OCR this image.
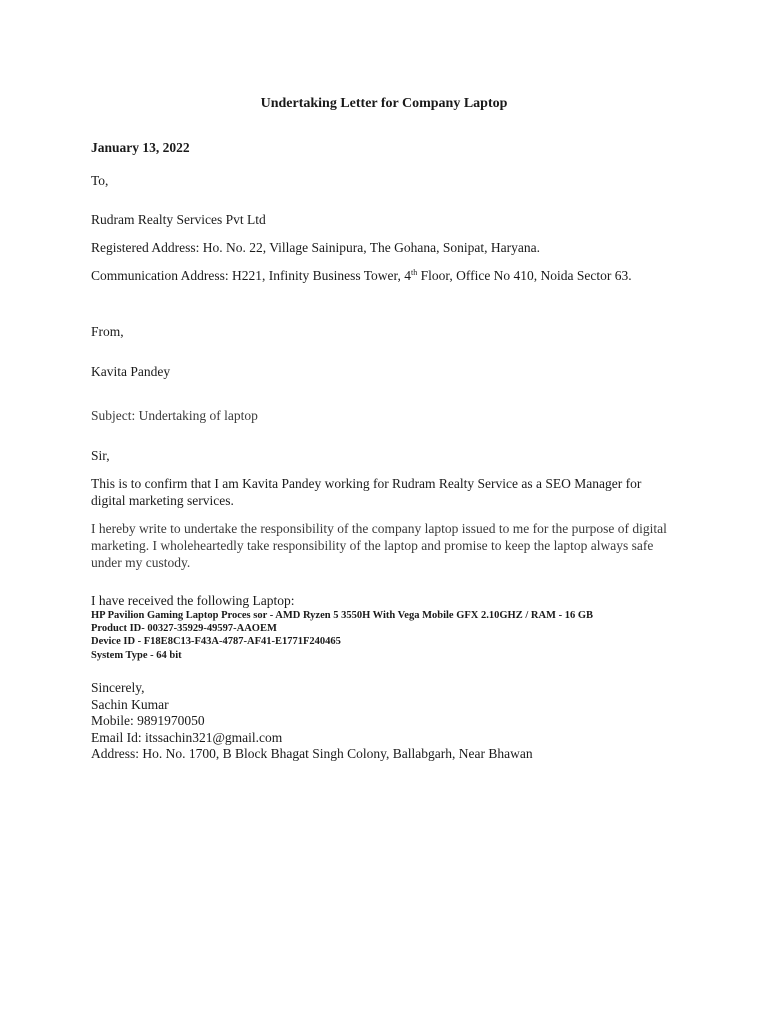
Undertaking Letter for Company Laptop
January 13, 2022
To,
Rudram Realty Services Pvt Ltd
Registered Address: Ho. No. 22, Village Sainipura, The Gohana, Sonipat, Haryana.
Communication Address: H221, Infinity Business Tower, 4th Floor, Office No 410, Noida Sector 63.
From,
Kavita Pandey
Subject: Undertaking of laptop
Sir,
This is to confirm that I am Kavita Pandey working for Rudram Realty Service as a SEO Manager for digital marketing services.
I hereby write to undertake the responsibility of the company laptop issued to me for the purpose of digital marketing. I wholeheartedly take responsibility of the laptop and promise to keep the laptop always safe under my custody.
I have received the following Laptop:
HP Pavilion Gaming Laptop Proces sor - AMD Ryzen 5 3550H With Vega Mobile GFX 2.10GHZ / RAM - 16 GB
Product ID- 00327-35929-49597-AAOEM
Device ID - F18E8C13-F43A-4787-AF41-E1771F240465
System Type - 64 bit
Sincerely,
Sachin Kumar
Mobile: 9891970050
Email Id: itssachin321@gmail.com
Address: Ho. No. 1700, B Block Bhagat Singh Colony, Ballabgarh, Near Bhawan
